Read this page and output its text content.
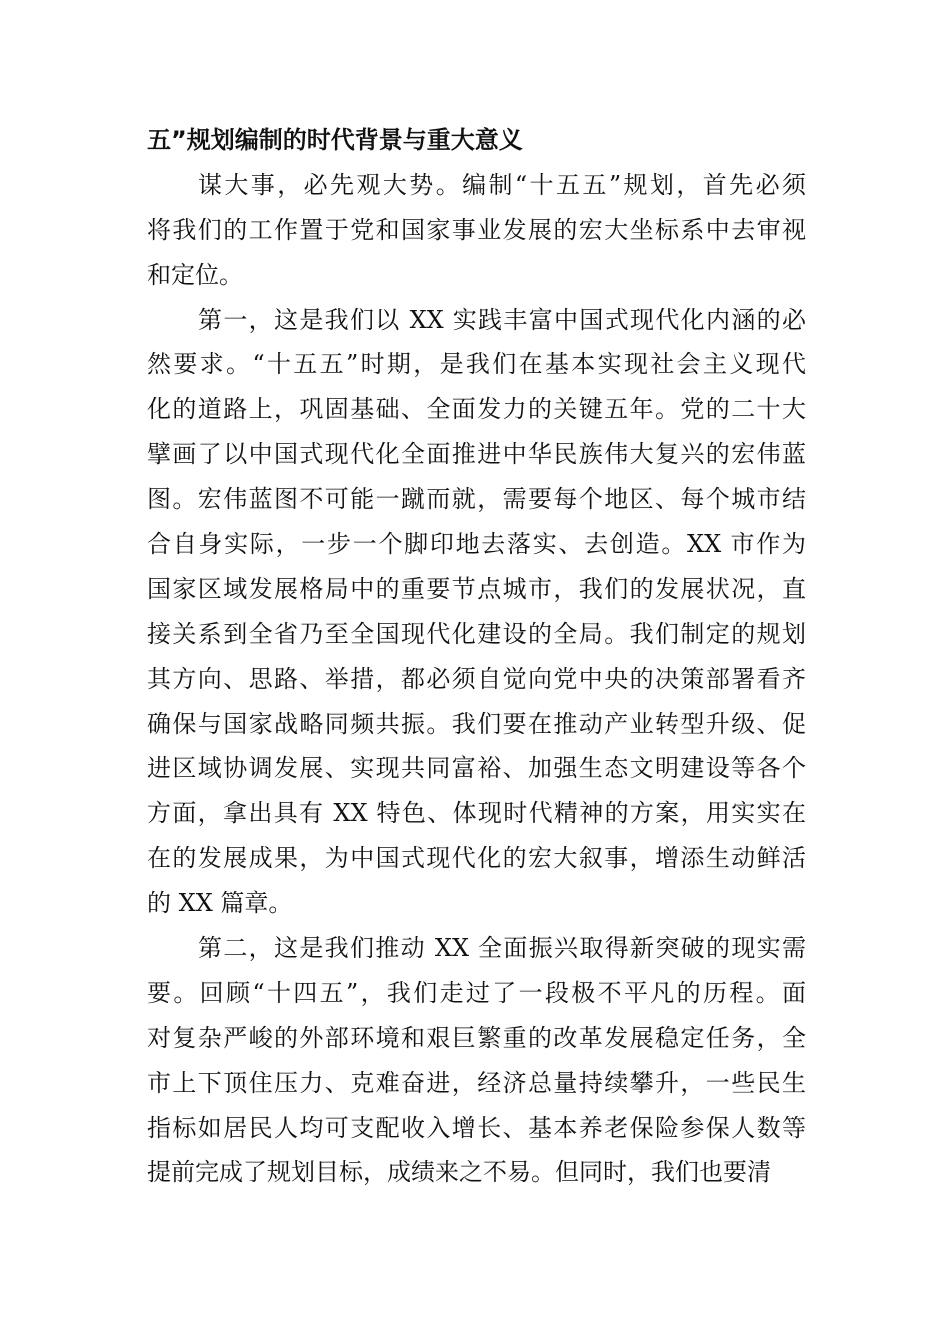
五”规划编制的时代背景与重大意义
谋大事，必先观大势。编制“十五五”规划，首先必须
将我们的工作置于党和国家事业发展的宏大坐标系中去审视
和定位。
第一，这是我们以 XX 实践丰富中国式现代化内涵的必
然要求。“十五五”时期，是我们在基本实现社会主义现代
化的道路上，巩固基础、全面发力的关键五年。党的二十大
擘画了以中国式现代化全面推进中华民族伟大复兴的宏伟蓝
图。宏伟蓝图不可能一蹴而就，需要每个地区、每个城市结
合自身实际，一步一个脚印地去落实、去创造。XX 市作为
国家区域发展格局中的重要节点城市，我们的发展状况，直
接关系到全省乃至全国现代化建设的全局。我们制定的规划
其方向、思路、举措，都必须自觉向党中央的决策部署看齐
确保与国家战略同频共振。我们要在推动产业转型升级、促
进区域协调发展、实现共同富裕、加强生态文明建设等各个
方面，拿出具有 XX 特色、体现时代精神的方案，用实实在
在的发展成果，为中国式现代化的宏大叙事，增添生动鲜活
的 XX 篇章。
第二，这是我们推动 XX 全面振兴取得新突破的现实需
要。回顾“十四五”，我们走过了一段极不平凡的历程。面
对复杂严峻的外部环境和艰巨繁重的改革发展稳定任务，全
市上下顶住压力、克难奋进，经济总量持续攀升，一些民生
指标如居民人均可支配收入增长、基本养老保险参保人数等
提前完成了规划目标，成绩来之不易。但同时，我们也要清
